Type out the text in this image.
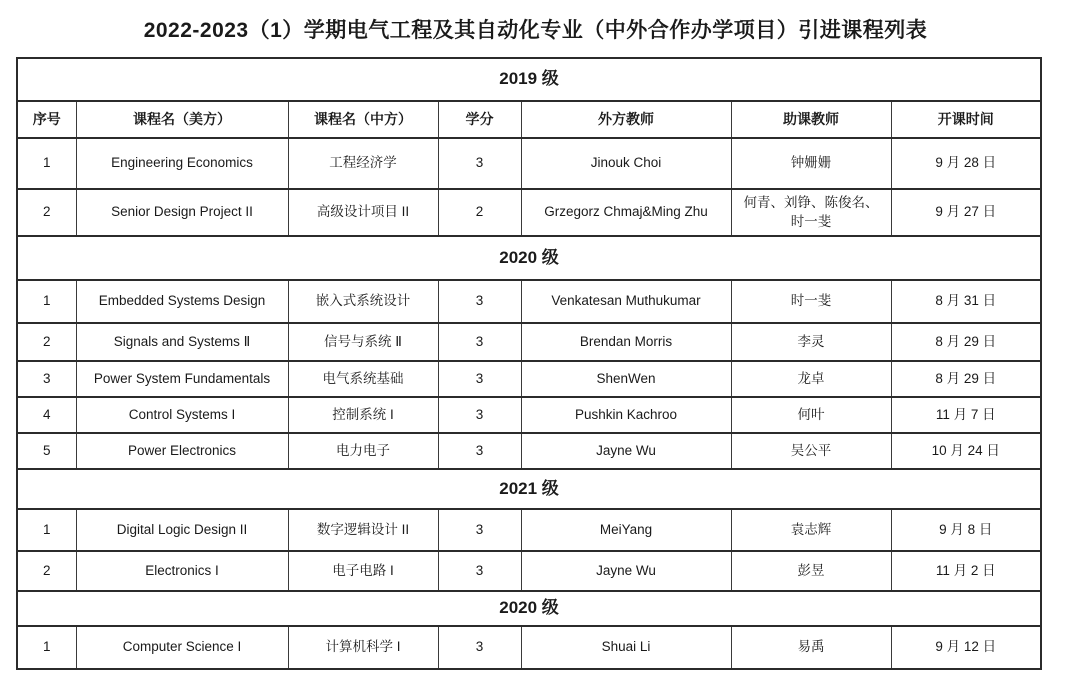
2022-2023（1）学期电气工程及其自动化专业（中外合作办学项目）引进课程列表
2019 级						
序号	课程名（美方）	课程名（中方）	学分	外方教师	助课教师	开课时间
1	Engineering Economics	工程经济学	3	Jinouk Choi	钟姗姗	9 月 28 日
2	Senior Design Project II	高级设计项目 II	2	Grzegorz Chmaj&Ming Zhu	何青、刘铮、陈俊名、时一斐	9 月 27 日
2020 级						
1	Embedded Systems Design	嵌入式系统设计	3	Venkatesan Muthukumar	时一斐	8 月 31 日
2	Signals and Systems Ⅱ	信号与系统 Ⅱ	3	Brendan Morris	李灵	8 月 29 日
3	Power System Fundamentals	电气系统基础	3	ShenWen	龙卓	8 月 29 日
4	Control Systems I	控制系统 I	3	Pushkin Kachroo	何叶	11 月 7 日
5	Power Electronics	电力电子	3	Jayne Wu	吴公平	10 月 24 日
2021 级						
1	Digital Logic Design II	数字逻辑设计 II	3	MeiYang	袁志辉	9 月 8 日
2	Electronics I	电子电路 I	3	Jayne Wu	彭昱	11 月 2 日
2020 级						
1	Computer Science I	计算机科学 I	3	Shuai Li	易禹	9 月 12 日
